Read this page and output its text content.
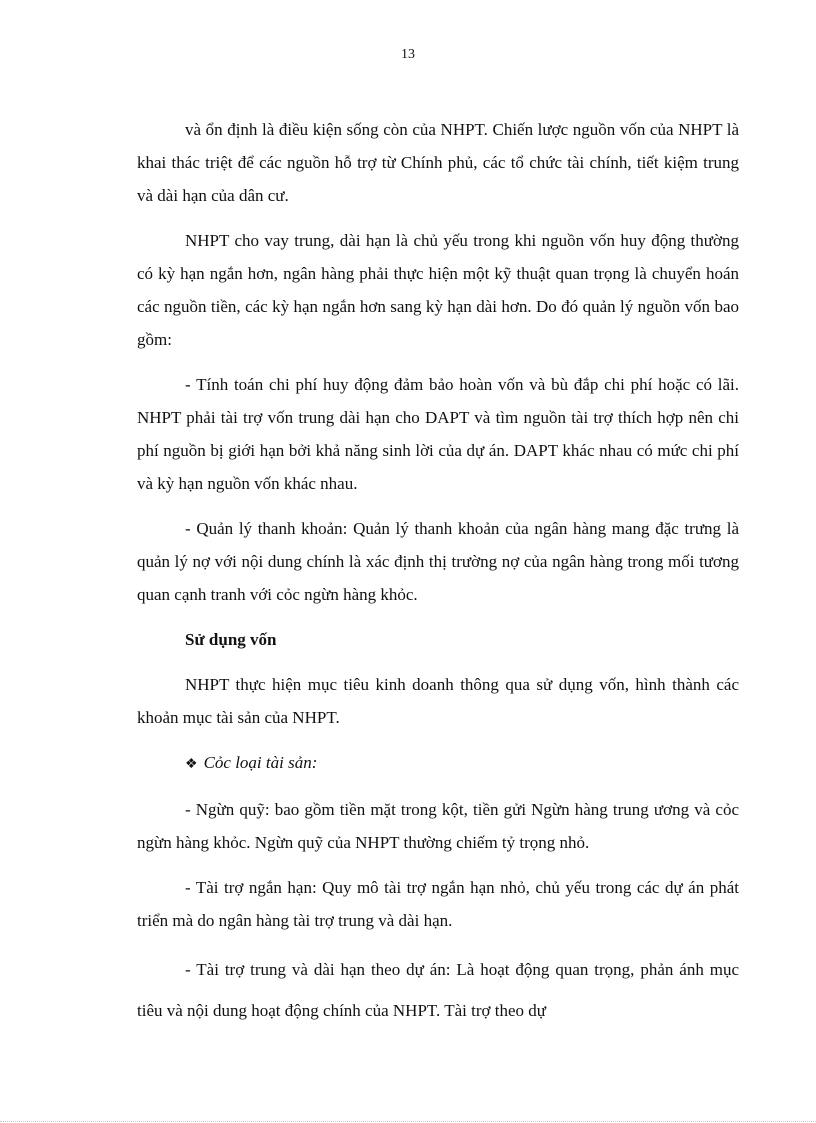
13

và ổn định là điều kiện sống còn của NHPT. Chiến lược nguồn vốn của NHPT là khai thác triệt để các nguồn hỗ trợ từ Chính phủ, các tổ chức tài chính, tiết kiệm trung và dài hạn của dân cư.

NHPT cho vay trung, dài hạn là chủ yếu trong khi nguồn vốn huy động thường có kỳ hạn ngắn hơn, ngân hàng phải thực hiện một kỹ thuật quan trọng là chuyển hoán các nguồn tiền, các kỳ hạn ngắn hơn sang kỳ hạn dài hơn. Do đó quản lý nguồn vốn bao gồm:

- Tính toán chi phí huy động đảm bảo hoàn vốn và bù đắp chi phí hoặc có lãi. NHPT phải tài trợ vốn trung dài hạn cho DAPT và tìm nguồn tài trợ thích hợp nên chi phí nguồn bị giới hạn bởi khả năng sinh lời của dự án. DAPT khác nhau có mức chi phí và kỳ hạn nguồn vốn khác nhau.

- Quản lý thanh khoản: Quản lý thanh khoản của ngân hàng mang đặc trưng là quản lý nợ với nội dung chính là xác định thị trường nợ của ngân hàng trong mối tương quan cạnh tranh với cỏc ngừn hàng khỏc.

Sử dụng vốn

NHPT thực hiện mục tiêu kinh doanh thông qua sử dụng vốn, hình thành các khoản mục tài sản của NHPT.

❖ Cỏc loại tài sản:

- Ngừn quỹ: bao gồm tiền mặt trong kột, tiền gửi Ngừn hàng trung ương và cỏc ngừn hàng khỏc. Ngừn quỹ của NHPT thường chiếm tỷ trọng nhỏ.

- Tài trợ ngắn hạn: Quy mô tài trợ ngắn hạn nhỏ, chủ yếu trong các dự án phát triển mà do ngân hàng tài trợ trung và dài hạn.

- Tài trợ trung và dài hạn theo dự án: Là hoạt động quan trọng, phản ánh mục tiêu và nội dung hoạt động chính của NHPT. Tài trợ theo dự
